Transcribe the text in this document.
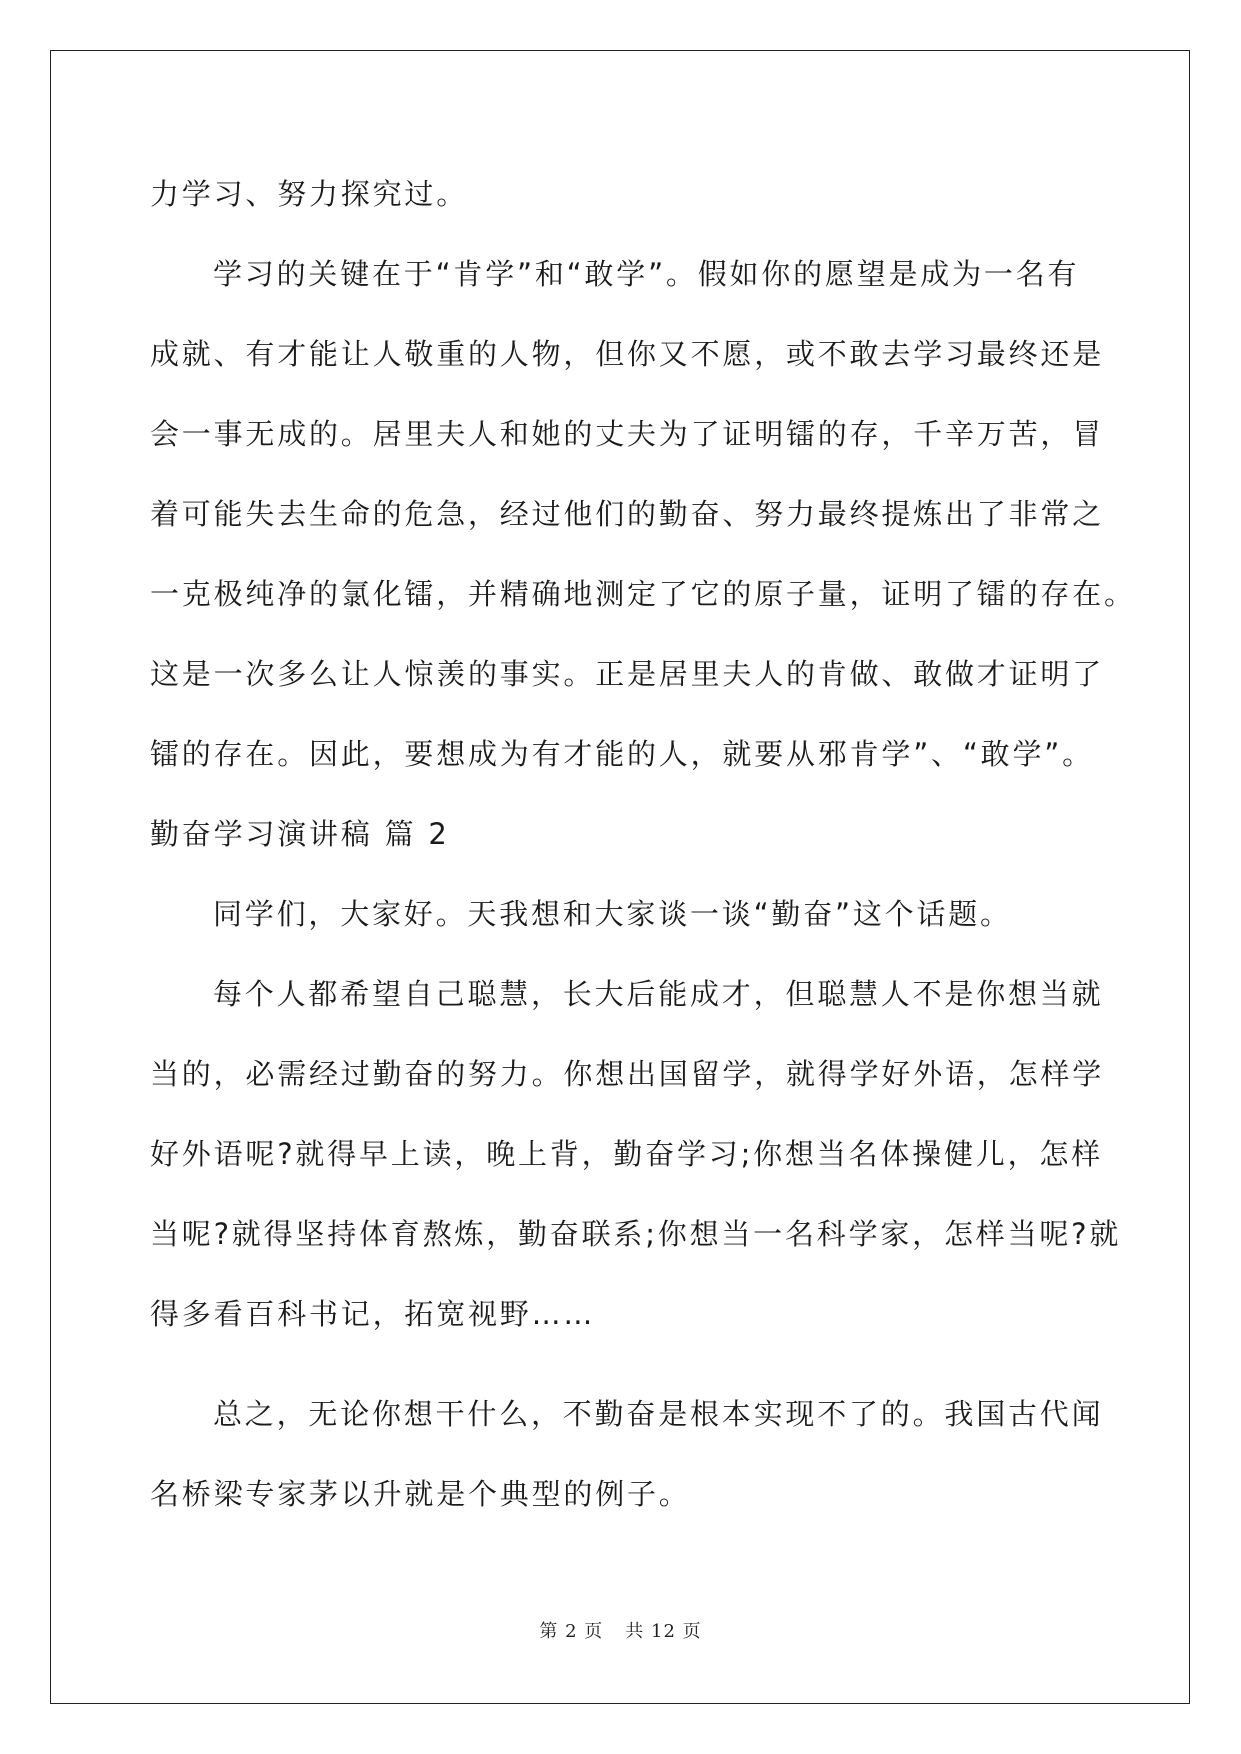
力学习、努力探究过。
学习的关键在于“肯学”和“敢学”。假如你的愿望是成为一名有
成就、有才能让人敬重的人物，但你又不愿，或不敢去学习最终还是
会一事无成的。居里夫人和她的丈夫为了证明镭的存，千辛万苦，冒
着可能失去生命的危急，经过他们的勤奋、努力最终提炼出了非常之
一克极纯净的氯化镭，并精确地测定了它的原子量，证明了镭的存在。
这是一次多么让人惊羡的事实。正是居里夫人的肯做、敢做才证明了
镭的存在。因此，要想成为有才能的人，就要从邪肯学”、“敢学”。
勤奋学习演讲稿 篇 2
同学们，大家好。天我想和大家谈一谈“勤奋”这个话题。
每个人都希望自己聪慧，长大后能成才，但聪慧人不是你想当就
当的，必需经过勤奋的努力。你想出国留学，就得学好外语，怎样学
好外语呢?就得早上读，晚上背，勤奋学习;你想当名体操健儿，怎样
当呢?就得坚持体育熬炼，勤奋联系;你想当一名科学家，怎样当呢?就
得多看百科书记，拓宽视野……
总之，无论你想干什么，不勤奋是根本实现不了的。我国古代闻
名桥梁专家茅以升就是个典型的例子。
第 2 页 共 12 页
